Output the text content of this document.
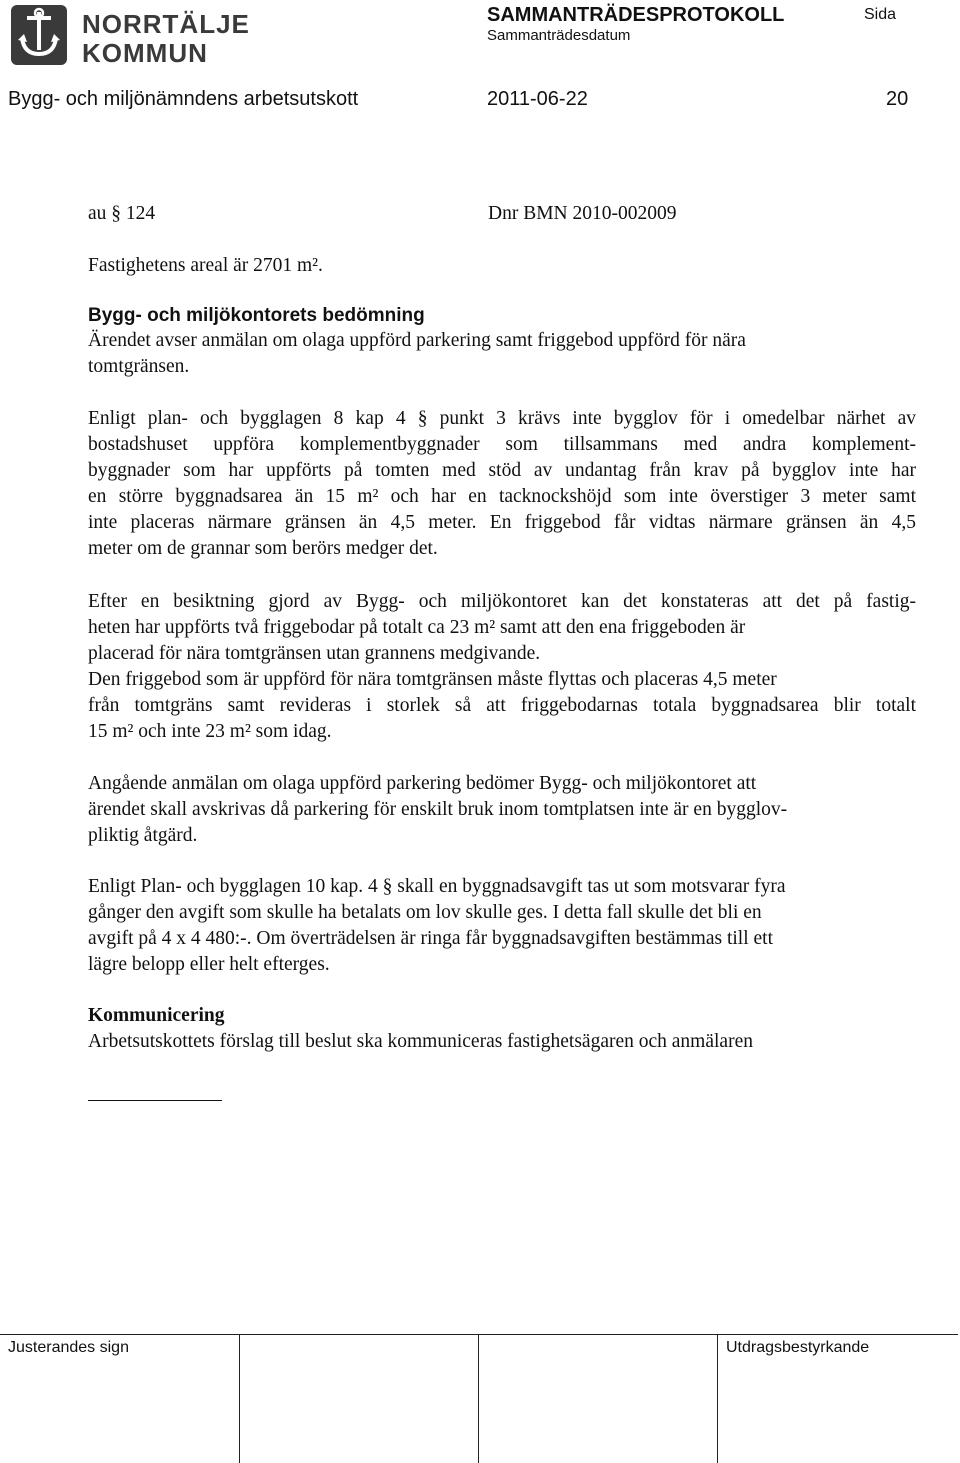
NORRTÄLJE
KOMMUN
SAMMANTRÄDESPROTOKOLL
Sammanträdesdatum
Sida
Bygg- och miljönämndens arbetsutskott	2011-06-22	20
au § 124	Dnr BMN 2010-002009
Fastighetens areal är 2701 m².
Bygg- och miljökontorets bedömning
Ärendet avser anmälan om olaga uppförd parkering samt friggebod uppförd för nära
tomtgränsen.
Enligt plan- och bygglagen 8 kap 4 § punkt 3 krävs inte bygglov för i omedelbar närhet av
bostadshuset uppföra komplementbyggnader som tillsammans med andra komplement-
byggnader som har uppförts på tomten med stöd av undantag från krav på bygglov inte har
en större byggnadsarea än 15 m² och har en tacknockshöjd som inte överstiger 3 meter samt
inte placeras närmare gränsen än 4,5 meter. En friggebod får vidtas närmare gränsen än 4,5
meter om de grannar som berörs medger det.
Efter en besiktning gjord av Bygg- och miljökontoret kan det konstateras att det på fastig-
heten har uppförts två friggebodar på totalt ca 23 m² samt att den ena friggeboden är
placerad för nära tomtgränsen utan grannens medgivande.
Den friggebod som är uppförd för nära tomtgränsen måste flyttas och placeras 4,5 meter
från tomtgräns samt revideras i storlek så att friggebodarnas totala byggnadsarea blir totalt
15 m² och inte 23 m² som idag.
Angående anmälan om olaga uppförd parkering bedömer Bygg- och miljökontoret att
ärendet skall avskrivas då parkering för enskilt bruk inom tomtplatsen inte är en bygglov-
pliktig åtgärd.
Enligt Plan- och bygglagen 10 kap. 4 § skall en byggnadsavgift tas ut som motsvarar fyra
gånger den avgift som skulle ha betalats om lov skulle ges. I detta fall skulle det bli en
avgift på 4 x 4 480:-. Om överträdelsen är ringa får byggnadsavgiften bestämmas till ett
lägre belopp eller helt efterges.
Kommunicering
Arbetsutskottets förslag till beslut ska kommuniceras fastighetsägaren och anmälaren
Justerandes sign	Utdragsbestyrkande
